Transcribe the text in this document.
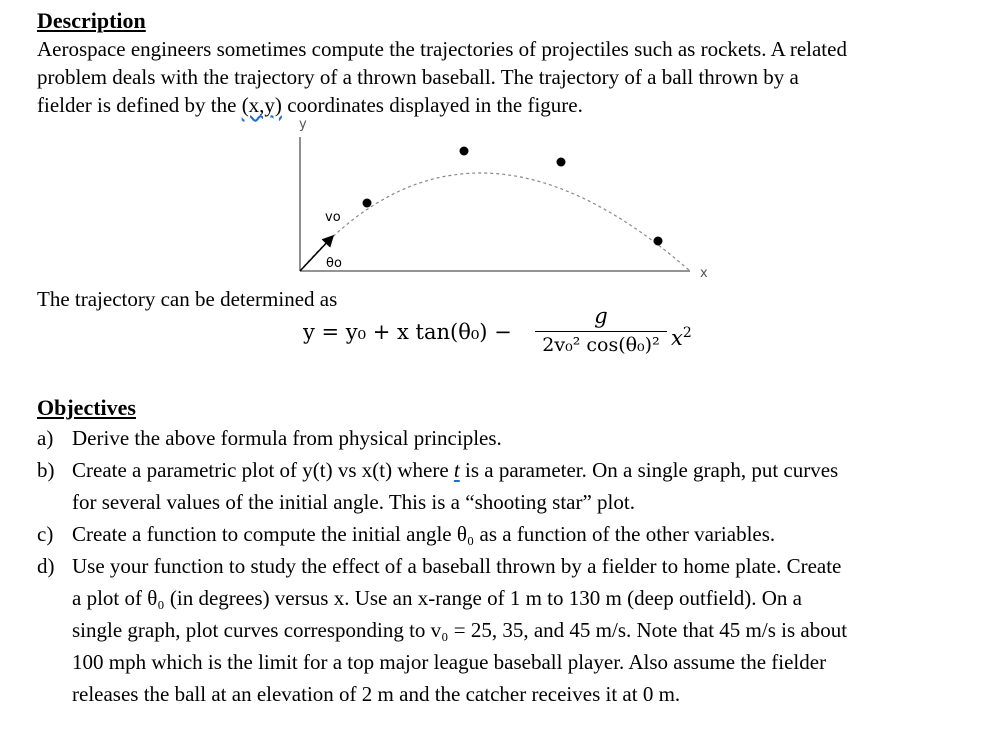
Description
Aerospace engineers sometimes compute the trajectories of projectiles such as rockets. A related
problem deals with the trajectory of a thrown baseball. The trajectory of a ball thrown by a
fielder is defined by the (x,y) coordinates displayed in the figure.
y
x
vo
θo
The trajectory can be determined as
y = y₀ + x tan(θ₀) −
g
2v₀² cos(θ₀)² $x^2$
Objectives
a) Derive the above formula from physical principles.
b) Create a parametric plot of y(t) vs x(t) where t is a parameter. On a single graph, put curves
for several values of the initial angle. This is a “shooting star” plot.
c) Create a function to compute the initial angle θ₀ as a function of the other variables.
d) Use your function to study the effect of a baseball thrown by a fielder to home plate. Create
a plot of θ₀ (in degrees) versus x. Use an x-range of 1 m to 130 m (deep outfield). On a
single graph, plot curves corresponding to v₀ = 25, 35, and 45 m/s. Note that 45 m/s is about
100 mph which is the limit for a top major league baseball player. Also assume the fielder
releases the ball at an elevation of 2 m and the catcher receives it at 0 m.
